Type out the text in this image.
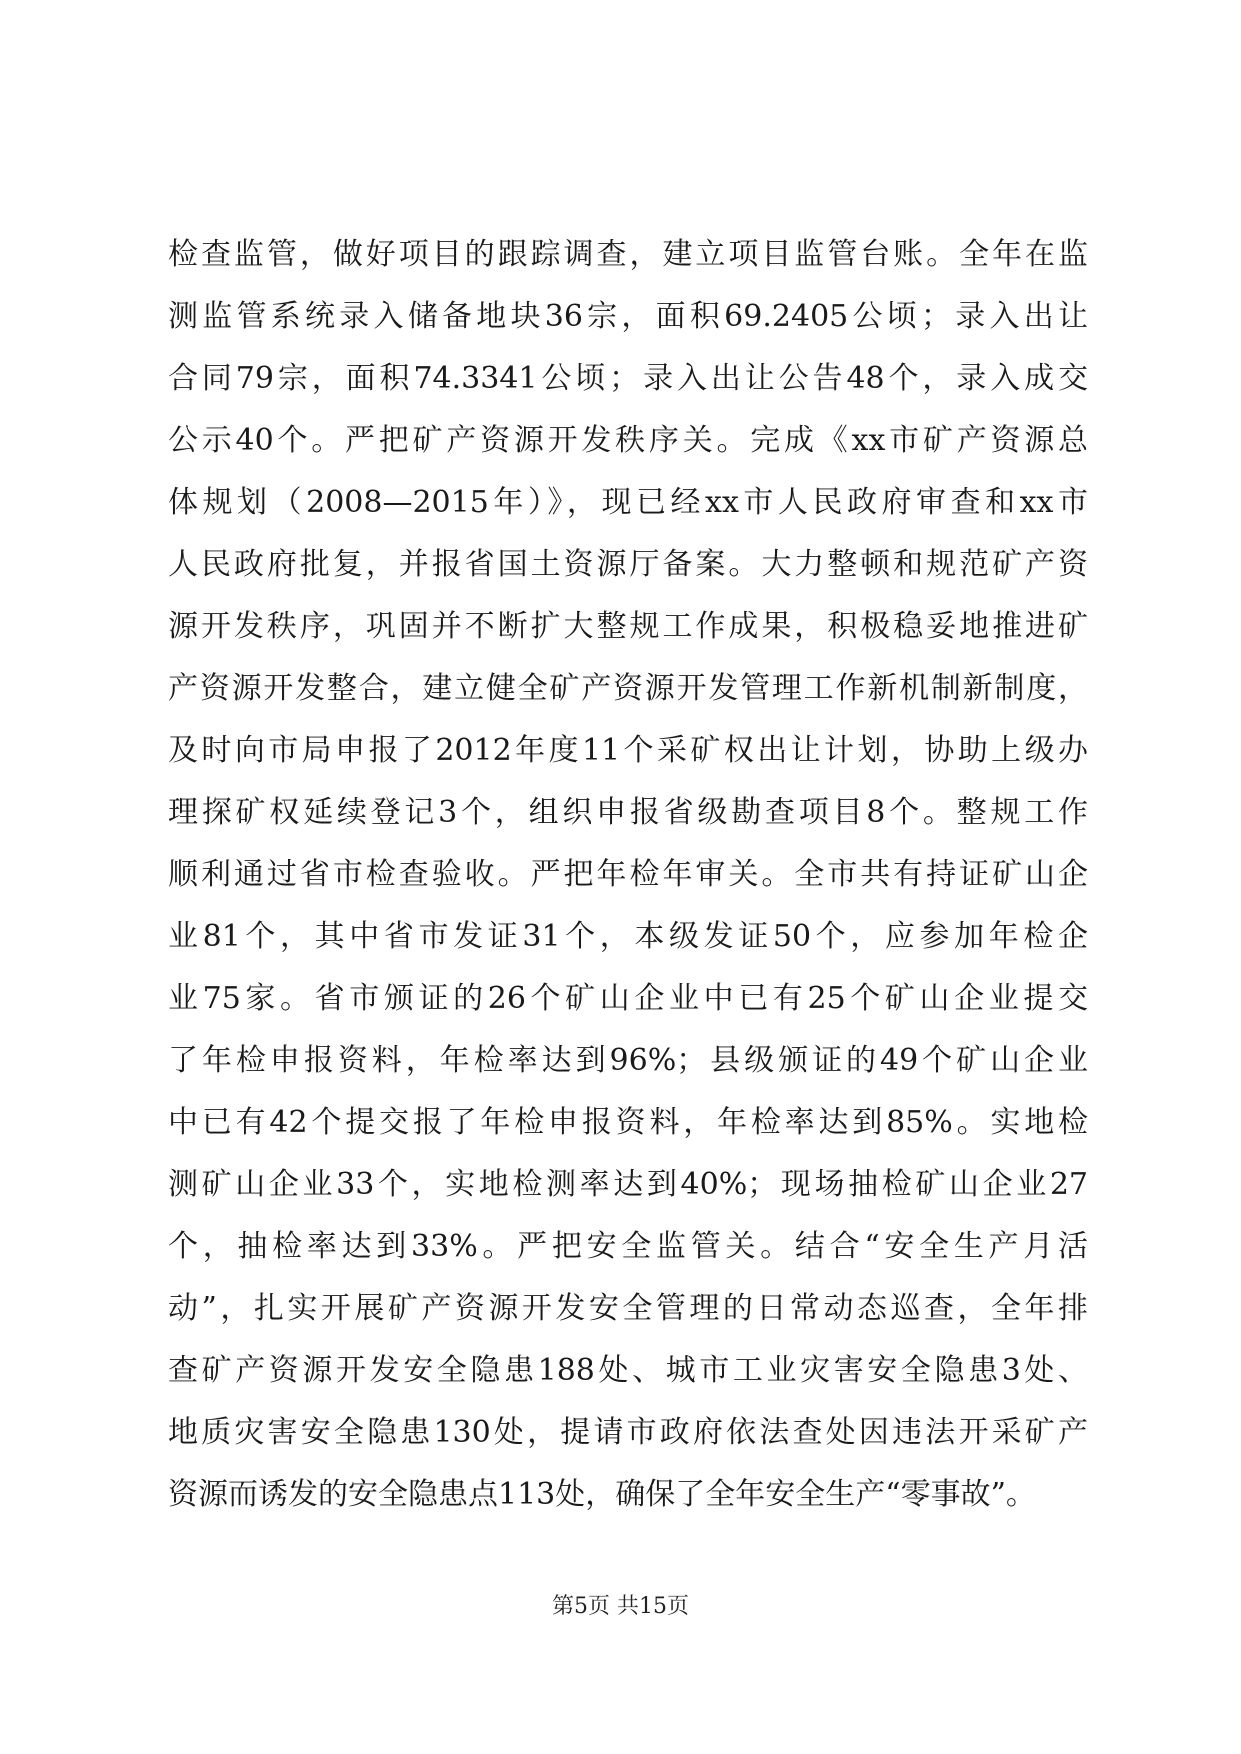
检查监管，做好项目的跟踪调查，建立项目监管台账。全年在监
测监管系统录入储备地块36宗，面积69.2405公顷；录入出让
合同79宗，面积74.3341公顷；录入出让公告48个，录入成交
公示40个。严把矿产资源开发秩序关。完成《xx市矿产资源总
体规划（2008—2015年）》，现已经xx市人民政府审查和xx市
人民政府批复，并报省国土资源厅备案。大力整顿和规范矿产资
源开发秩序，巩固并不断扩大整规工作成果，积极稳妥地推进矿
产资源开发整合，建立健全矿产资源开发管理工作新机制新制度，
及时向市局申报了2012年度11个采矿权出让计划，协助上级办
理探矿权延续登记3个，组织申报省级勘查项目8个。整规工作
顺利通过省市检查验收。严把年检年审关。全市共有持证矿山企
业81个，其中省市发证31个，本级发证50个，应参加年检企
业75家。省市颁证的26个矿山企业中已有25个矿山企业提交
了年检申报资料，年检率达到96%；县级颁证的49个矿山企业
中已有42个提交报了年检申报资料，年检率达到85%。实地检
测矿山企业33个，实地检测率达到40%；现场抽检矿山企业27
个，抽检率达到33%。严把安全监管关。结合“安全生产月活
动”，扎实开展矿产资源开发安全管理的日常动态巡查，全年排
查矿产资源开发安全隐患188处、城市工业灾害安全隐患3处、
地质灾害安全隐患130处，提请市政府依法查处因违法开采矿产
资源而诱发的安全隐患点113处，确保了全年安全生产“零事故”。
第5页 共15页
